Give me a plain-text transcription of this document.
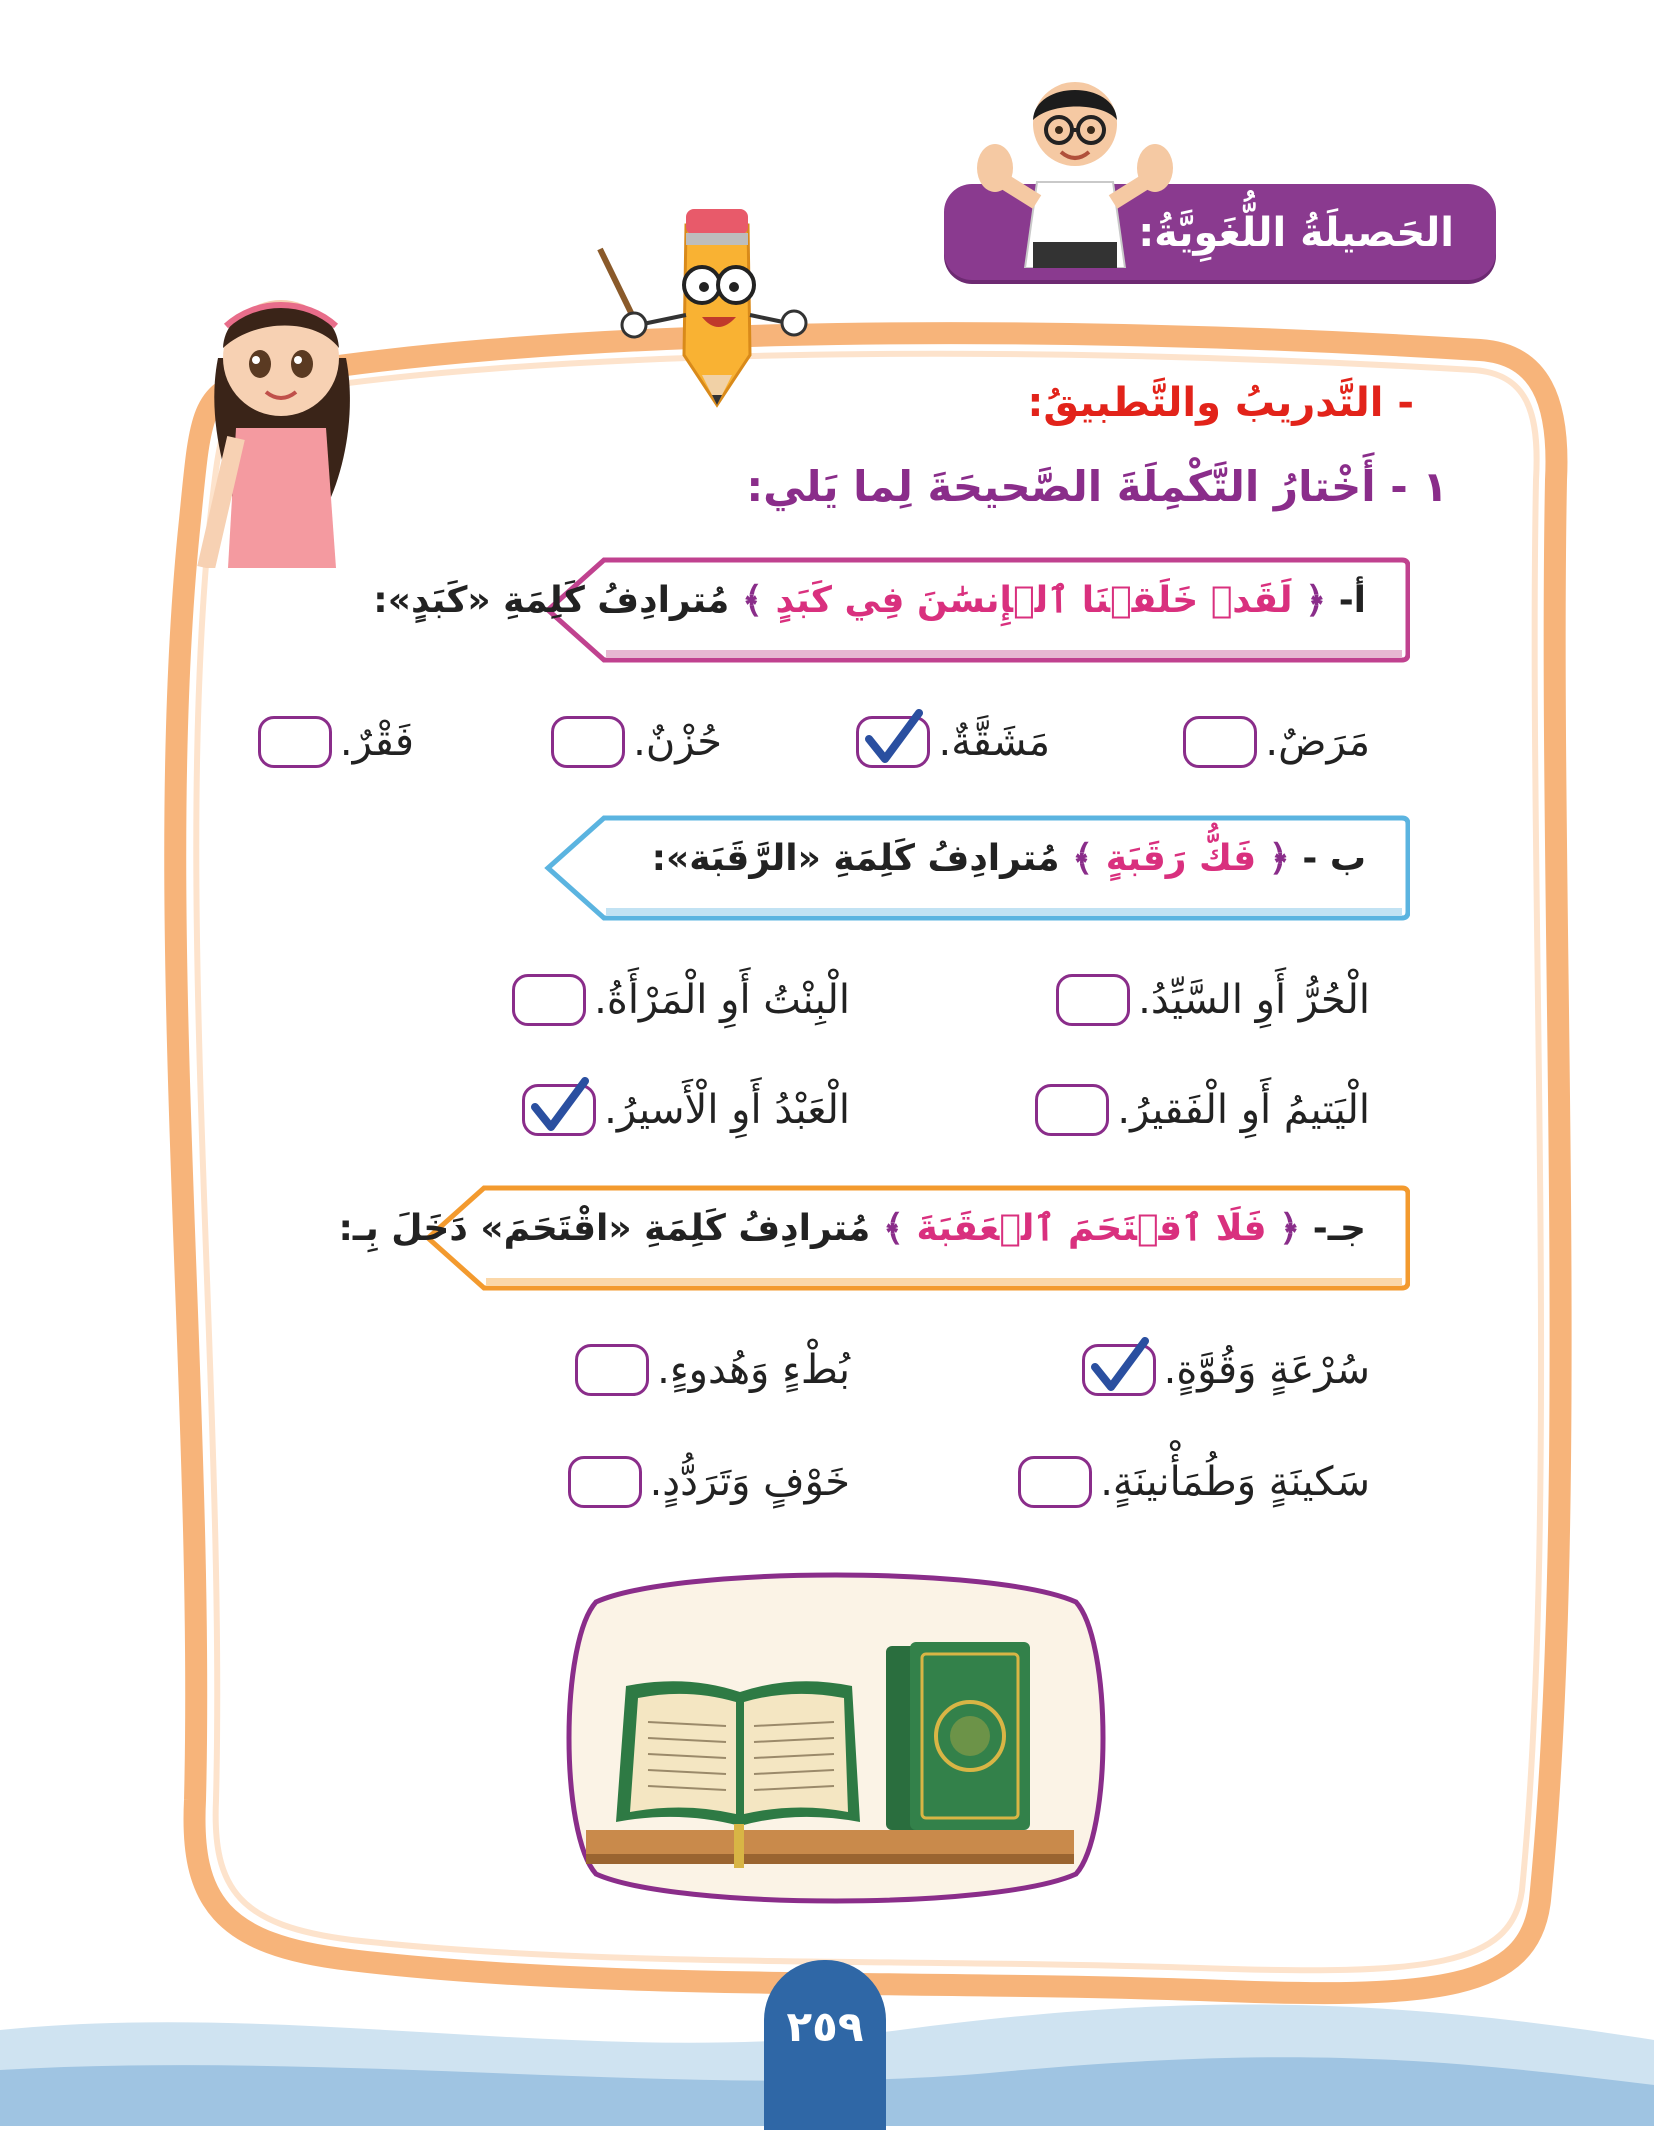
الحَصيلَةُ اللُّغَوِيَّةُ:
- التَّدريبُ والتَّطبيقُ:
١ - أَخْتارُ التَّكْمِلَةَ الصَّحيحَةَ لِما يَلي:
أ- ﴿ لَقَدۡ خَلَقۡنَا ٱلۡإِنسَٰنَ فِي كَبَدٍ ﴾ مُترادِفُ كَلِمَةِ «كَبَدٍ»:
مَرَضٌ.
مَشَقَّةٌ.
حُزْنٌ.
فَقْرٌ.
ب - ﴿ فَكُّ رَقَبَةٍ ﴾ مُترادِفُ كَلِمَةِ «الرَّقَبَة»:
الْحُرُّ أَوِ السَّيِّدُ.
الْبِنْتُ أَوِ الْمَرْأَةُ.
الْيَتيمُ أَوِ الْفَقيرُ.
الْعَبْدُ أَوِ الْأَسيرُ.
جـ- ﴿ فَلَا ٱقۡتَحَمَ ٱلۡعَقَبَةَ ﴾ مُترادِفُ كَلِمَةِ «اقْتَحَمَ» دَخَلَ بِـ:
سُرْعَةٍ وَقُوَّةٍ.
بُطْءٍ وَهُدوءٍ.
سَكينَةٍ وَطُمَأْنينَةٍ.
خَوْفٍ وَتَرَدُّدٍ.
٢٥٩
